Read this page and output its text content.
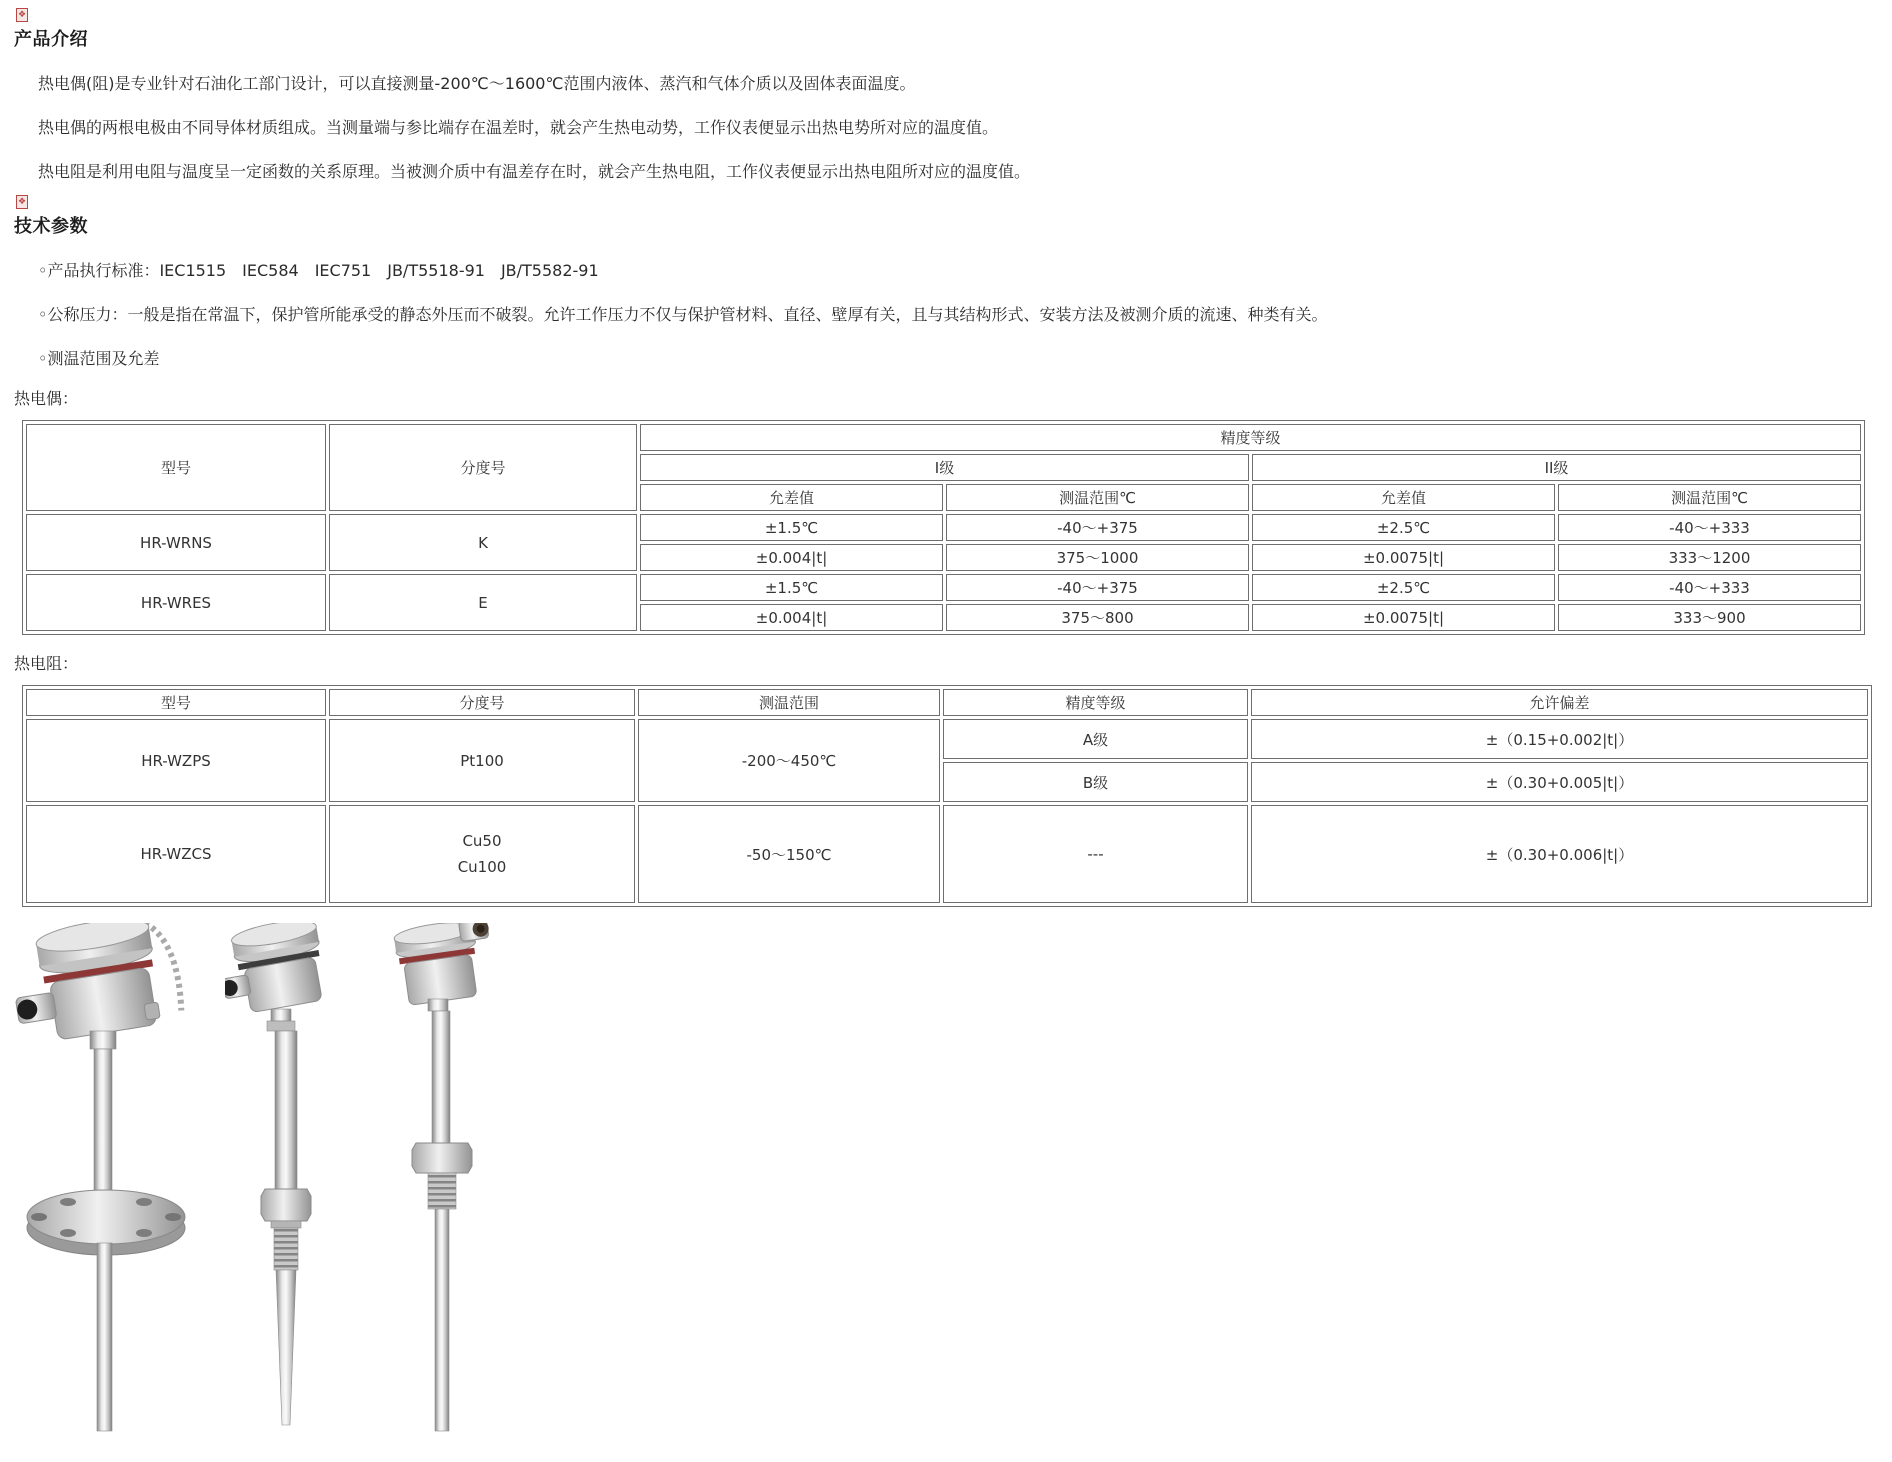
❖
产品介绍

热电偶(阻)是专业针对石油化工部门设计，可以直接测量-200℃～1600℃范围内液体、蒸汽和气体介质以及固体表面温度。

热电偶的两根电极由不同导体材质组成。当测量端与参比端存在温差时，就会产生热电动势，工作仪表便显示出热电势所对应的温度值。

热电阻是利用电阻与温度呈一定函数的关系原理。当被测介质中有温差存在时，就会产生热电阻，工作仪表便显示出热电阻所对应的温度值。

❖
技术参数

◦产品执行标准：IEC1515　IEC584　IEC751　JB/T5518-91　JB/T5582-91

◦公称压力：一般是指在常温下，保护管所能承受的静态外压而不破裂。允许工作压力不仅与保护管材料、直径、壁厚有关，且与其结构形式、安装方法及被测介质的流速、种类有关。

◦测温范围及允差

热电偶：

型号	分度号	精度等级			
		I级		II级	
		允差值	测温范围℃	允差值	测温范围℃
HR-WRNS	K	±1.5℃	-40～+375	±2.5℃	-40～+333
		±0.004|t|	375～1000	±0.0075|t|	333～1200
HR-WRES	E	±1.5℃	-40～+375	±2.5℃	-40～+333
		±0.004|t|	375～800	±0.0075|t|	333～900

热电阻：

型号	分度号	测温范围	精度等级	允许偏差
HR-WZPS	Pt100	-200～450℃	A级	±（0.15+0.002|t|）
			B级	±（0.30+0.005|t|）
HR-WZCS	Cu50
Cu100	-50～150℃	---	±（0.30+0.006|t|）
